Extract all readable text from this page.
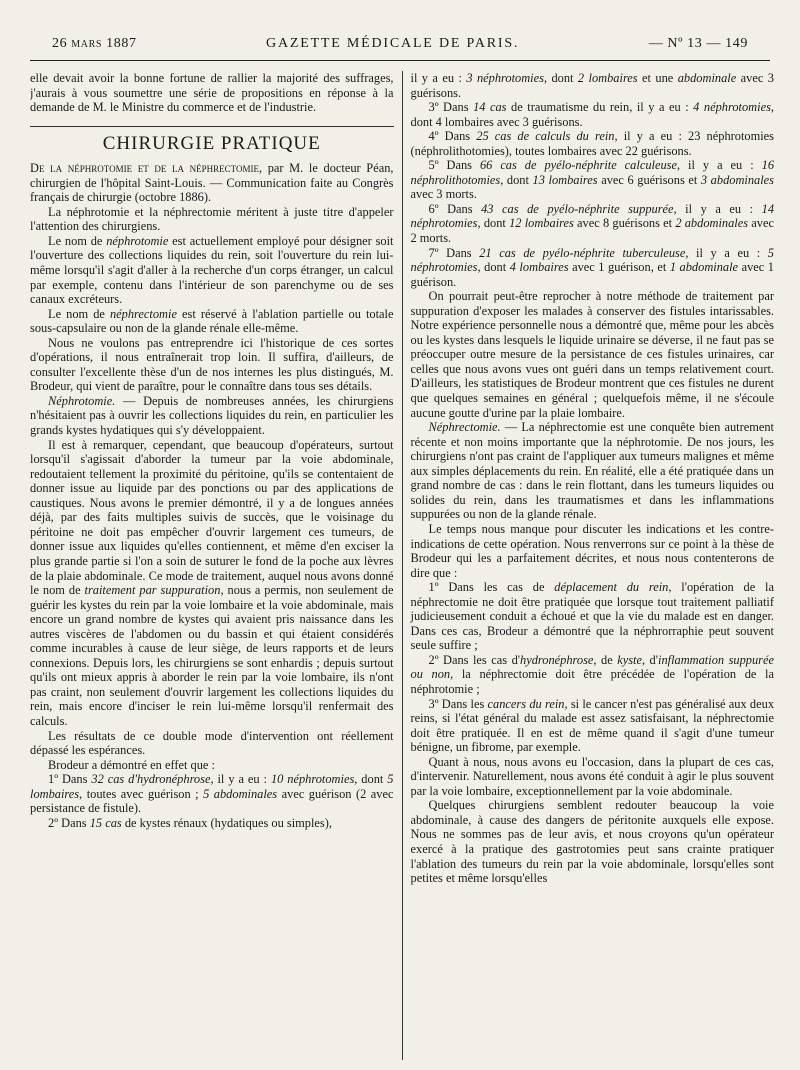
26 mars 1887	GAZETTE MÉDICALE DE PARIS.	— Nº 13 — 149

elle devait avoir la bonne fortune de rallier la majorité des suffrages, j'aurais à vous soumettre une série de propositions en réponse à la demande de M. le Ministre du commerce et de l'industrie.

CHIRURGIE PRATIQUE

De la néphrotomie et de la néphrectomie, par M. le docteur Péan, chirurgien de l'hôpital Saint-Louis. — Communication faite au Congrès français de chirurgie (octobre 1886).

La néphrotomie et la néphrectomie méritent à juste titre d'appeler l'attention des chirurgiens.

Le nom de néphrotomie est actuellement employé pour désigner soit l'ouverture des collections liquides du rein, soit l'ouverture du rein lui-même lorsqu'il s'agit d'aller à la recherche d'un corps étranger, un calcul par exemple, contenu dans l'intérieur de son parenchyme ou de ses canaux excréteurs.

Le nom de néphrectomie est réservé à l'ablation partielle ou totale sous-capsulaire ou non de la glande rénale elle-même.

Nous ne voulons pas entreprendre ici l'historique de ces sortes d'opérations, il nous entraînerait trop loin. Il suffira, d'ailleurs, de consulter l'excellente thèse d'un de nos internes les plus distingués, M. Brodeur, qui vient de paraître, pour le connaître dans tous ses détails.

Néphrotomie. — Depuis de nombreuses années, les chirurgiens n'hésitaient pas à ouvrir les collections liquides du rein, en particulier les grands kystes hydatiques qui s'y développaient.

Il est à remarquer, cependant, que beaucoup d'opérateurs, surtout lorsqu'il s'agissait d'aborder la tumeur par la voie abdominale, redoutaient tellement la proximité du péritoine, qu'ils se contentaient de donner issue au liquide par des ponctions ou par des applications de caustiques. Nous avons le premier démontré, il y a de longues années déjà, par des faits multiples suivis de succès, que le voisinage du péritoine ne doit pas empêcher d'ouvrir largement ces tumeurs, de donner issue aux liquides qu'elles contiennent, et même d'en exciser la plus grande partie si l'on a soin de suturer le fond de la poche aux lèvres de la plaie abdominale. Ce mode de traitement, auquel nous avons donné le nom de traitement par suppuration, nous a permis, non seulement de guérir les kystes du rein par la voie lombaire et la voie abdominale, mais encore un grand nombre de kystes qui avaient pris naissance dans les autres viscères de l'abdomen ou du bassin et qui étaient considérés comme incurables à cause de leur siège, de leurs rapports et de leurs connexions. Depuis lors, les chirurgiens se sont enhardis ; depuis surtout qu'ils ont mieux appris à aborder le rein par la voie lombaire, ils n'ont pas craint, non seulement d'ouvrir largement les collections liquides du rein, mais encore d'inciser le rein lui-même lorsqu'il renfermait des calculs.

Les résultats de ce double mode d'intervention ont réellement dépassé les espérances.

Brodeur a démontré en effet que :

1º Dans 32 cas d'hydronéphrose, il y a eu : 10 néphrotomies, dont 5 lombaires, toutes avec guérison ; 5 abdominales avec guérison (2 avec persistance de fistule).

2º Dans 15 cas de kystes rénaux (hydatiques ou simples),

il y a eu : 3 néphrotomies, dont 2 lombaires et une abdominale avec 3 guérisons.

3º Dans 14 cas de traumatisme du rein, il y a eu : 4 néphrotomies, dont 4 lombaires avec 3 guérisons.

4º Dans 25 cas de calculs du rein, il y a eu : 23 néphrotomies (néphrolithotomies), toutes lombaires avec 22 guérisons.

5º Dans 66 cas de pyélo-néphrite calculeuse, il y a eu : 16 néphrolithotomies, dont 13 lombaires avec 6 guérisons et 3 abdominales avec 3 morts.

6º Dans 43 cas de pyélo-néphrite suppurée, il y a eu : 14 néphrotomies, dont 12 lombaires avec 8 guérisons et 2 abdominales avec 2 morts.

7º Dans 21 cas de pyélo-néphrite tuberculeuse, il y a eu : 5 néphrotomies, dont 4 lombaires avec 1 guérison, et 1 abdominale avec 1 guérison.

On pourrait peut-être reprocher à notre méthode de traitement par suppuration d'exposer les malades à conserver des fistules intarissables. Notre expérience personnelle nous a démontré que, même pour les abcès ou les kystes dans lesquels le liquide urinaire se déverse, il ne faut pas se préoccuper outre mesure de la persistance de ces fistules urinaires, car celles que nous avons vues ont guéri dans un temps relativement court. D'ailleurs, les statistiques de Brodeur montrent que ces fistules ne durent que quelques semaines en général ; quelquefois même, il ne s'écoule aucune goutte d'urine par la plaie lombaire.

Néphrectomie. — La néphrectomie est une conquête bien autrement récente et non moins importante que la néphrotomie. De nos jours, les chirurgiens n'ont pas craint de l'appliquer aux tumeurs malignes et même aux simples déplacements du rein. En réalité, elle a été pratiquée dans un grand nombre de cas : dans le rein flottant, dans les tumeurs liquides ou solides du rein, dans les traumatismes et dans les inflammations suppurées ou non de la glande rénale.

Le temps nous manque pour discuter les indications et les contre-indications de cette opération. Nous renverrons sur ce point à la thèse de Brodeur qui les a parfaitement décrites, et nous nous contenterons de dire que :

1º Dans les cas de déplacement du rein, l'opération de la néphrectomie ne doit être pratiquée que lorsque tout traitement palliatif judicieusement conduit a échoué et que la vie du malade est en danger. Dans ces cas, Brodeur a démontré que la néphrorraphie peut souvent seule suffire ;

2º Dans les cas d'hydronéphrose, de kyste, d'inflammation suppurée ou non, la néphrectomie doit être précédée de l'opération de la néphrotomie ;

3º Dans les cancers du rein, si le cancer n'est pas généralisé aux deux reins, si l'état général du malade est assez satisfaisant, la néphrectomie doit être pratiquée. Il en est de même quand il s'agit d'une tumeur bénigne, un fibrome, par exemple.

Quant à nous, nous avons eu l'occasion, dans la plupart de ces cas, d'intervenir. Naturellement, nous avons été conduit à agir le plus souvent par la voie lombaire, exceptionnellement par la voie abdominale.

Quelques chirurgiens semblent redouter beaucoup la voie abdominale, à cause des dangers de péritonite auxquels elle expose. Nous ne sommes pas de leur avis, et nous croyons qu'un opérateur exercé à la pratique des gastrotomies peut sans crainte pratiquer l'ablation des tumeurs du rein par la voie abdominale, lorsqu'elles sont petites et même lorsqu'elles
